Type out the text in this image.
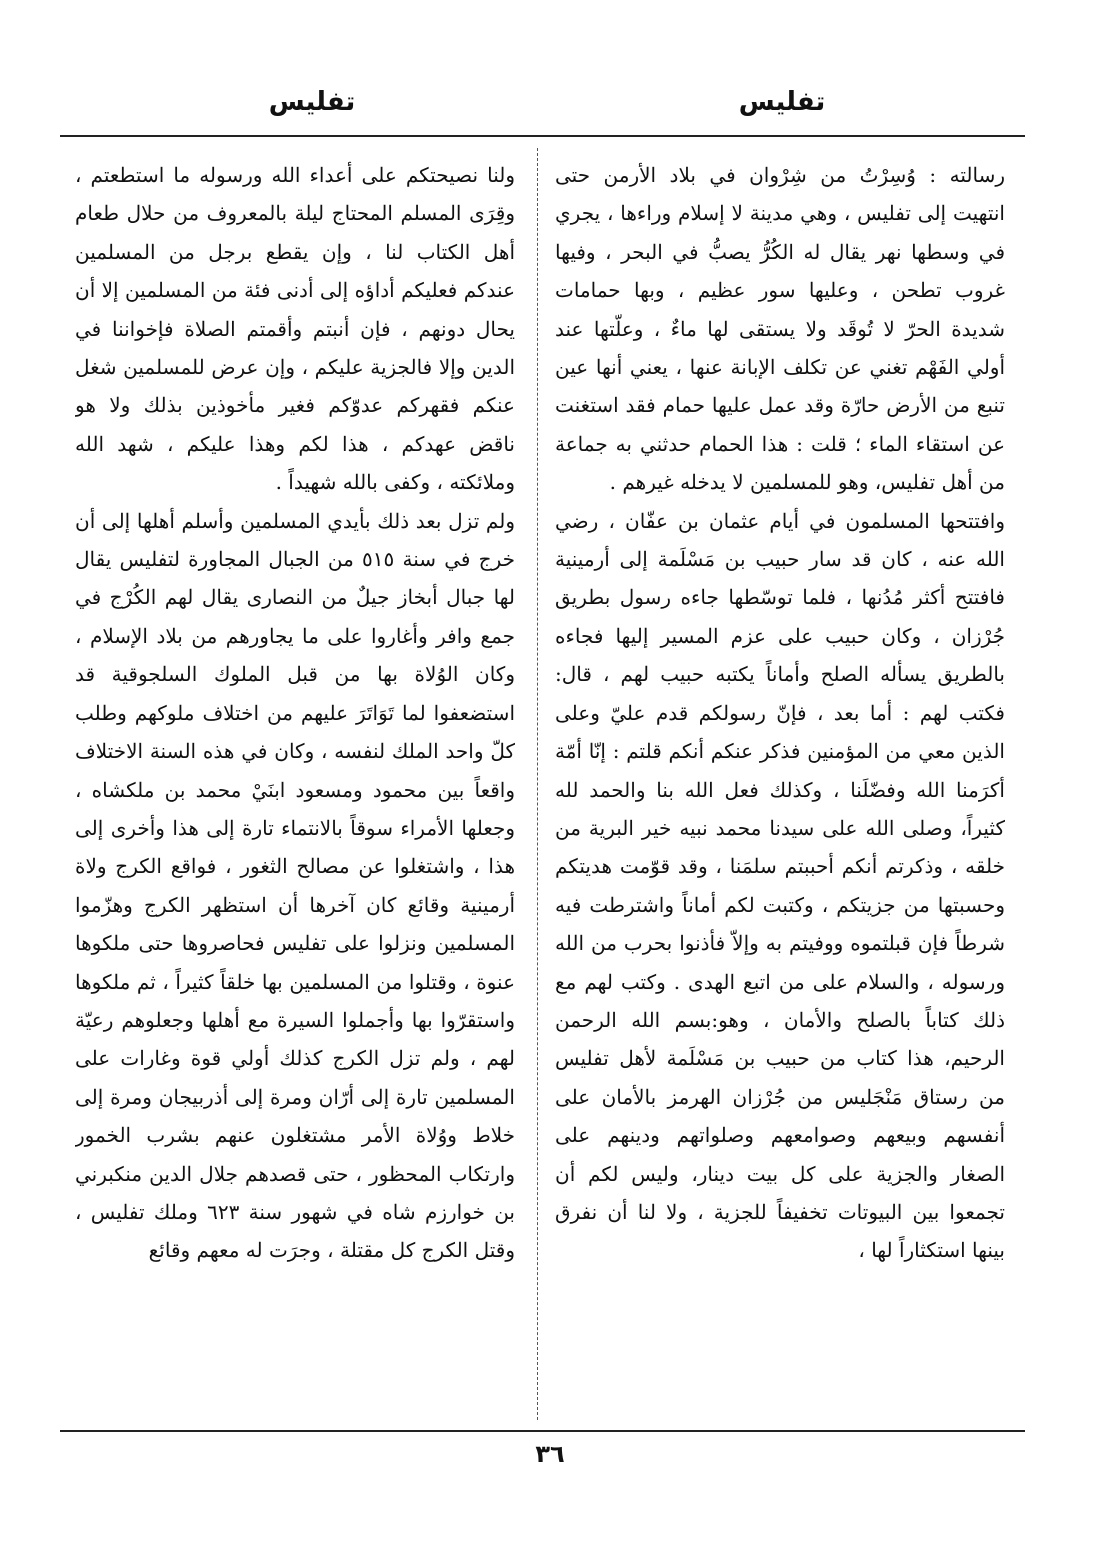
تفليس
تفليس

رسالته : وُسِرْتُ من شِرْوان في بلاد الأرمن حتى انتهيت إلى تفليس ، وهي مدينة لا إسلام وراءها ، يجري في وسطها نهر يقال له الكُرُّ يصبُّ في البحر ، وفيها غروب تطحن ، وعليها سور عظيم ، وبها حمامات شديدة الحرّ لا تُوقَد ولا يستقى لها ماءٌ ، وعلّتها عند أولي الفَهْم تغني عن تكلف الإبانة عنها ، يعني أنها عين تنبع من الأرض حارّة وقد عمل عليها حمام فقد استغنت عن استقاء الماء ؛ قلت : هذا الحمام حدثني به جماعة من أهل تفليس، وهو للمسلمين لا يدخله غيرهم .

وافتتحها المسلمون في أيام عثمان بن عفّان ، رضي الله عنه ، كان قد سار حبيب بن مَسْلَمة إلى أرمينية فافتتح أكثر مُدُنها ، فلما توسّطها جاءه رسول بطريق جُرْزان ، وكان حبيب على عزم المسير إليها فجاءه بالطريق يسأله الصلح وأماناً يكتبه حبيب لهم ، قال: فكتب لهم : أما بعد ، فإنّ رسولكم قدم عليّ وعلى الذين معي من المؤمنين فذكر عنكم أنكم قلتم : إنّا أمّة أكرَمنا الله وفضّلَنا ، وكذلك فعل الله بنا والحمد لله كثيراً، وصلى الله على سيدنا محمد نبيه خير البرية من خلقه ، وذكرتم أنكم أحببتم سلمَنا ، وقد قوّمت هديتكم وحسبتها من جزيتكم ، وكتبت لكم أماناً واشترطت فيه شرطاً فإن قبلتموه ووفيتم به وإلاّ فأذنوا بحرب من الله ورسوله ، والسلام على من اتبع الهدى . وكتب لهم مع ذلك كتاباً بالصلح والأمان ، وهو:بسم الله الرحمن الرحيم، هذا كتاب من حبيب بن مَسْلَمة لأهل تفليس من رستاق مَنْجَليس من جُرْزان الهرمز بالأمان على أنفسهم وبيعهم وصوامعهم وصلواتهم ودينهم على الصغار والجزية على كل بيت دينار، وليس لكم أن تجمعوا بين البيوتات تخفيفاً للجزية ، ولا لنا أن نفرق بينها استكثاراً لها ،

ولنا نصيحتكم على أعداء الله ورسوله ما استطعتم ، وقِرَى المسلم المحتاج ليلة بالمعروف من حلال طعام أهل الكتاب لنا ، وإن يقطع برجل من المسلمين عندكم فعليكم أداؤه إلى أدنى فئة من المسلمين إلا أن يحال دونهم ، فإن أنبتم وأقمتم الصلاة فإخواننا في الدين وإلا فالجزية عليكم ، وإن عرض للمسلمين شغل عنكم فقهركم عدوّكم فغير مأخوذين بذلك ولا هو ناقض عهدكم ، هذا لكم وهذا عليكم ، شهد الله وملائكته ، وكفى بالله شهيداً .

ولم تزل بعد ذلك بأيدي المسلمين وأسلم أهلها إلى أن خرج في سنة ٥١٥ من الجبال المجاورة لتفليس يقال لها جبال أبخاز جيلٌ من النصارى يقال لهم الكُرْج في جمع وافر وأغاروا على ما يجاورهم من بلاد الإسلام ، وكان الوُلاة بها من قبل الملوك السلجوقية قد استضعفوا لما تَوَاتَرَ عليهم من اختلاف ملوكهم وطلب كلّ واحد الملك لنفسه ، وكان في هذه السنة الاختلاف واقعاً بين محمود ومسعود ابنَيْ محمد بن ملكشاه ، وجعلها الأمراء سوقاً بالانتماء تارة إلى هذا وأخرى إلى هذا ، واشتغلوا عن مصالح الثغور ، فواقع الكرج ولاة أرمينية وقائع كان آخرها أن استظهر الكرج وهزّموا المسلمين ونزلوا على تفليس فحاصروها حتى ملكوها عنوة ، وقتلوا من المسلمين بها خلقاً كثيراً ، ثم ملكوها واستقرّوا بها وأجملوا السيرة مع أهلها وجعلوهم رعيّة لهم ، ولم تزل الكرج كذلك أولي قوة وغارات على المسلمين تارة إلى أرّان ومرة إلى أذربيجان ومرة إلى خلاط ووُلاة الأمر مشتغلون عنهم بشرب الخمور وارتكاب المحظور ، حتى قصدهم جلال الدين منكبرني بن خوارزم شاه في شهور سنة ٦٢٣ وملك تفليس ، وقتل الكرج كل مقتلة ، وجرَت له معهم وقائع

٣٦
